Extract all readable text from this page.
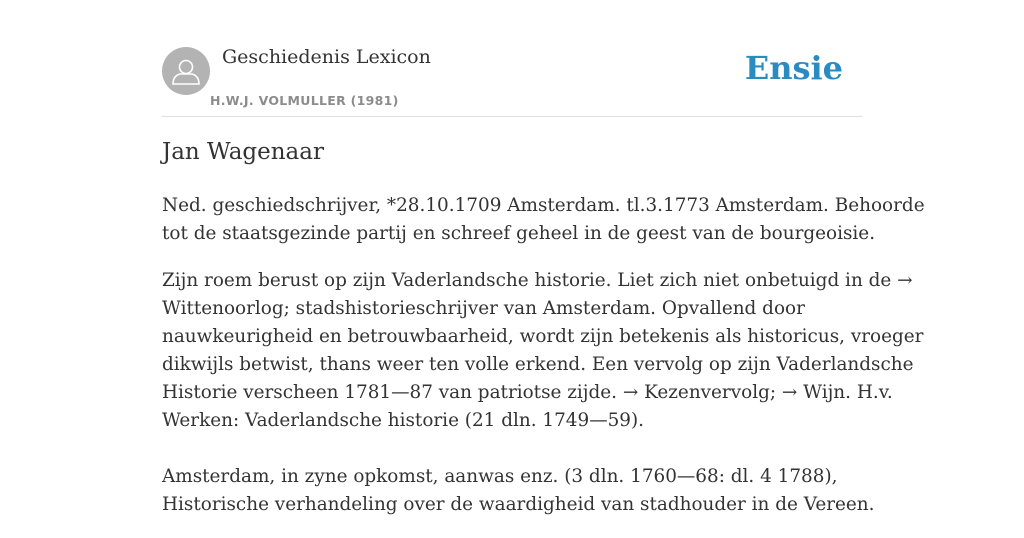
Geschiedenis Lexicon
H.W.J. VOLMULLER (1981)
Ensie
Jan Wagenaar

Ned. geschiedschrijver, *28.10.1709 Amsterdam. tl.3.1773 Amsterdam. Behoorde
tot de staatsgezinde partij en schreef geheel in de geest van de bourgeoisie.

Zijn roem berust op zijn Vaderlandsche historie. Liet zich niet onbetuigd in de →
Wittenoorlog; stadshistorieschrijver van Amsterdam. Opvallend door
nauwkeurigheid en betrouwbaarheid, wordt zijn betekenis als historicus, vroeger
dikwijls betwist, thans weer ten volle erkend. Een vervolg op zijn Vaderlandsche
Historie verscheen 1781—87 van patriotse zijde. → Kezenvervolg; → Wijn. H.v.
Werken: Vaderlandsche historie (21 dln. 1749—59).
Amsterdam, in zyne opkomst, aanwas enz. (3 dln. 1760—68: dl. 4 1788),
Historische verhandeling over de waardigheid van stadhouder in de Vereen.
